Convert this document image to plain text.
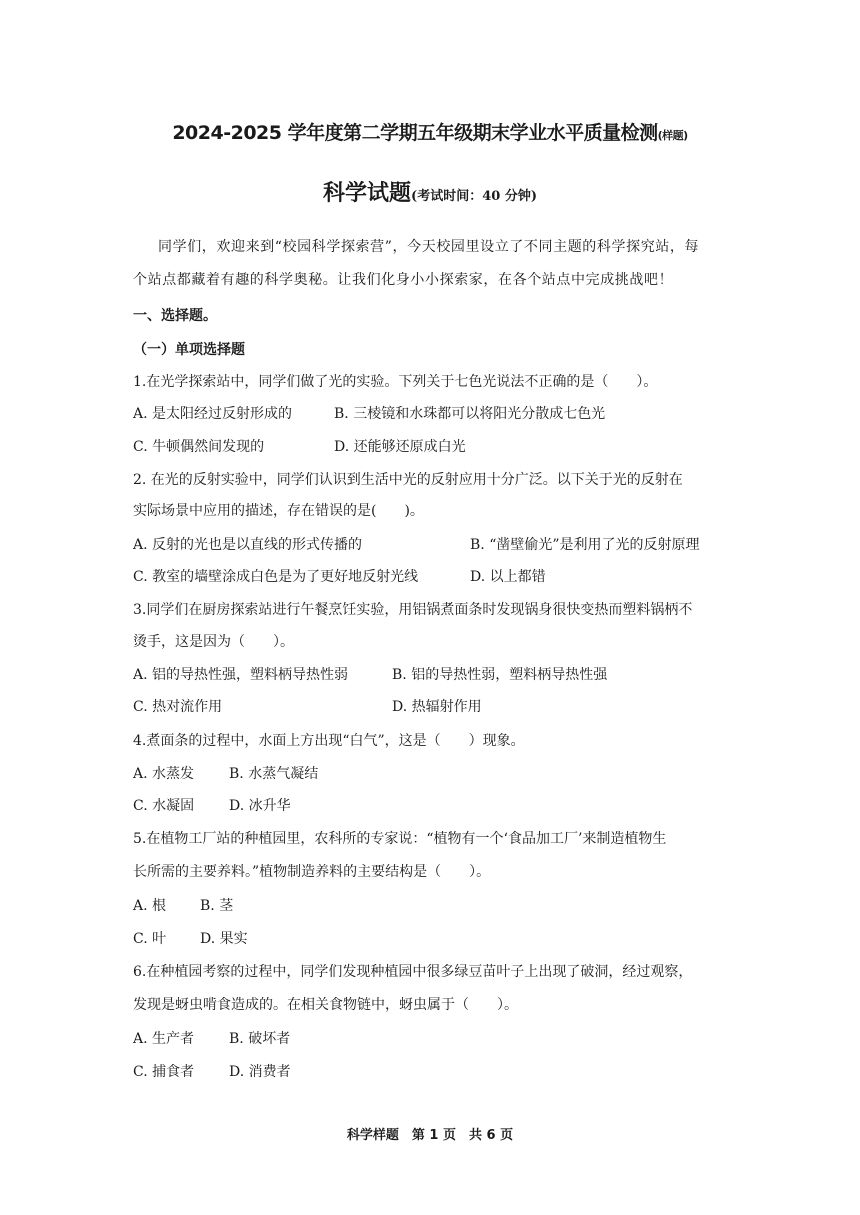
2024-2025 学年度第二学期五年级期末学业水平质量检测(样题)
科学试题(考试时间：40 分钟)
同学们，欢迎来到“校园科学探索营”，今天校园里设立了不同主题的科学探究站，每
个站点都藏着有趣的科学奥秘。让我们化身小小探索家，在各个站点中完成挑战吧！
一、选择题。
（一）单项选择题
1.在光学探索站中，同学们做了光的实验。下列关于七色光说法不正确的是（　　）。
A. 是太阳经过反射形成的	B. 三棱镜和水珠都可以将阳光分散成七色光
C. 牛顿偶然间发现的	D. 还能够还原成白光
2. 在光的反射实验中，同学们认识到生活中光的反射应用十分广泛。以下关于光的反射在
实际场景中应用的描述，存在错误的是(　　)。
A. 反射的光也是以直线的形式传播的	B. “凿壁偷光”是利用了光的反射原理
C. 教室的墙壁涂成白色是为了更好地反射光线	D. 以上都错
3.同学们在厨房探索站进行午餐烹饪实验，用铝锅煮面条时发现锅身很快变热而塑料锅柄不
烫手，这是因为（　　）。
A. 铝的导热性强，塑料柄导热性弱	B. 铝的导热性弱，塑料柄导热性强
C. 热对流作用	D. 热辐射作用
4.煮面条的过程中，水面上方出现“白气”，这是（　　）现象。
A. 水蒸发 B. 水蒸气凝结
C. 水凝固 D. 冰升华
5.在植物工厂站的种植园里，农科所的专家说：“植物有一个‘食品加工厂’来制造植物生
长所需的主要养料。”植物制造养料的主要结构是（　　）。
A. 根 B. 茎
C. 叶 D. 果实
6.在种植园考察的过程中，同学们发现种植园中很多绿豆苗叶子上出现了破洞，经过观察，
发现是蚜虫啃食造成的。在相关食物链中，蚜虫属于（　　）。
A. 生产者 B. 破坏者
C. 捕食者 D. 消费者
科学样题　第 1 页　共 6 页
